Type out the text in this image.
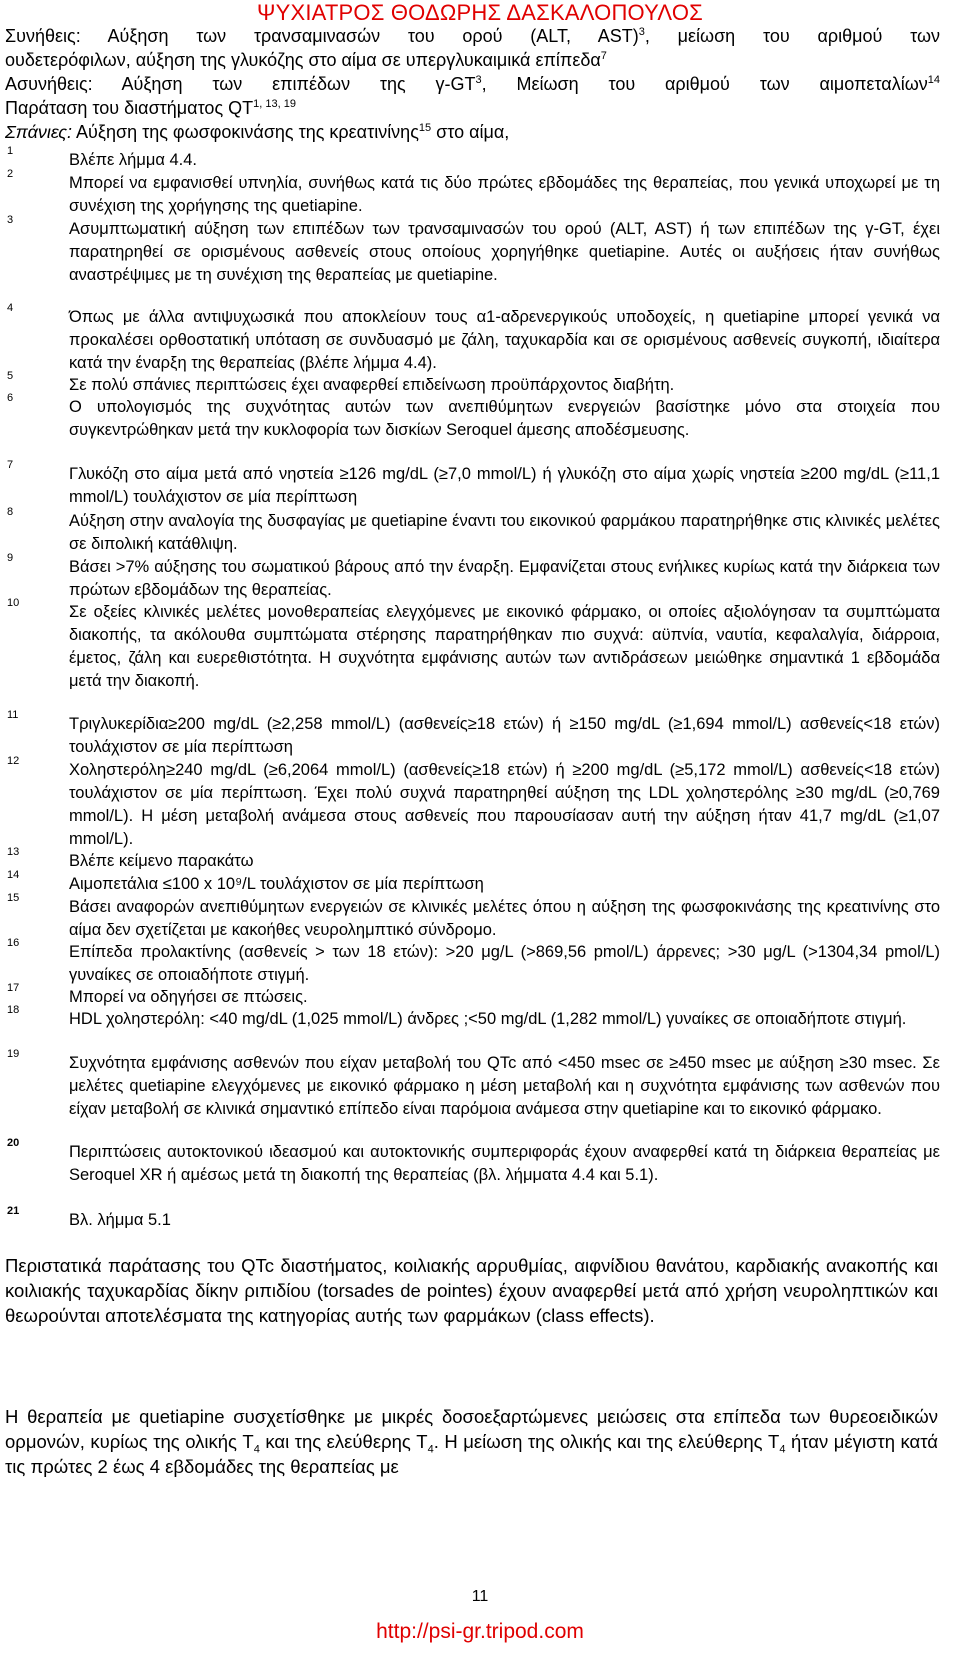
ΨΥΧΙΑΤΡΟΣ ΘΟΔΩΡΗΣ ΔΑΣΚΑΛΟΠΟΥΛΟΣ
Συνήθεις: Αύξηση των τρανσαμινασών του ορού (ALT, AST)$^3$, μείωση του αριθμού των
ουδετερόφιλων, αύξηση της γλυκόζης στο αίμα σε υπεργλυκαιμικά επίπεδα$^7$
Ασυνήθεις: Αύξηση των επιπέδων της $\gamma-GT^3$, Μείωση του αριθμού των αιμοπεταλίων$^{14}$
Παράταση του διαστήματος QT$^{1, 13, 19}$
Σπάνιες: Αύξηση της φωσφοκινάσης της κρεατινίνης$^{15}$ στο αίμα,
1	Βλέπε λήμμα 4.4.
2	Μπορεί να εμφανισθεί υπνηλία, συνήθως κατά τις δύο πρώτες εβδομάδες της θεραπείας, που γενικά υποχωρεί με τη συνέχιση της χορήγησης της quetiapine.
3	Ασυμπτωματική αύξηση των επιπέδων των τρανσαμινασών του ορού (ALT, AST) ή των επιπέδων της γ-GT, έχει παρατηρηθεί σε ορισμένους ασθενείς στους οποίους χορηγήθηκε quetiapine. Αυτές οι αυξήσεις ήταν συνήθως αναστρέψιμες με τη συνέχιση της θεραπείας με quetiapine.
4	Όπως με άλλα αντιψυχωσικά που αποκλείουν τους α1-αδρενεργικούς υποδοχείς, η quetiapine μπορεί γενικά να προκαλέσει ορθοστατική υπόταση σε συνδυασμό με ζάλη, ταχυκαρδία και σε ορισμένους ασθενείς συγκοπή, ιδιαίτερα κατά την έναρξη της θεραπείας (βλέπε λήμμα 4.4).
5	Σε πολύ σπάνιες περιπτώσεις έχει αναφερθεί επιδείνωση προϋπάρχοντος διαβήτη.
6	Ο υπολογισμός της συχνότητας αυτών των ανεπιθύμητων ενεργειών βασίστηκε μόνο στα στοιχεία που συγκεντρώθηκαν μετά την κυκλοφορία των δισκίων Seroquel άμεσης αποδέσμευσης.
7	Γλυκόζη στο αίμα μετά από νηστεία ≥126 mg/dL (≥7,0 mmol/L) ή γλυκόζη στο αίμα χωρίς νηστεία ≥200 mg/dL (≥11,1 mmol/L) τουλάχιστον σε μία περίπτωση
8	Αύξηση στην αναλογία της δυσφαγίας με quetiapine έναντι του εικονικού φαρμάκου παρατηρήθηκε στις κλινικές μελέτες σε διπολική κατάθλιψη.
9	Βάσει >7% αύξησης του σωματικού βάρους από την έναρξη. Εμφανίζεται στους ενήλικες κυρίως κατά την διάρκεια των πρώτων εβδομάδων της θεραπείας.
10	Σε οξείες κλινικές μελέτες μονοθεραπείας ελεγχόμενες με εικονικό φάρμακο, οι οποίες αξιολόγησαν τα συμπτώματα διακοπής, τα ακόλουθα συμπτώματα στέρησης παρατηρήθηκαν πιο συχνά: αϋπνία, ναυτία, κεφαλαλγία, διάρροια, έμετος, ζάλη και ευερεθιστότητα. Η συχνότητα εμφάνισης αυτών των αντιδράσεων μειώθηκε σημαντικά 1 εβδομάδα μετά την διακοπή.
11	Τριγλυκερίδια≥200 mg/dL (≥2,258 mmol/L) (ασθενείς≥18 ετών) ή ≥150 mg/dL (≥1,694 mmol/L) ασθενείς<18 ετών) τουλάχιστον σε μία περίπτωση
12	Χοληστερόλη≥240 mg/dL (≥6,2064 mmol/L) (ασθενείς≥18 ετών) ή ≥200 mg/dL (≥5,172 mmol/L) ασθενείς<18 ετών) τουλάχιστον σε μία περίπτωση. Έχει πολύ συχνά παρατηρηθεί αύξηση της LDL χοληστερόλης ≥30 mg/dL (≥0,769 mmol/L). Η μέση μεταβολή ανάμεσα στους ασθενείς που παρουσίασαν αυτή την αύξηση ήταν 41,7 mg/dL (≥1,07 mmol/L).
13	Βλέπε κείμενο παρακάτω
14	Αιμοπετάλια ≤100 x 10⁹/L τουλάχιστον σε μία περίπτωση
15	Βάσει αναφορών ανεπιθύμητων ενεργειών σε κλινικές μελέτες όπου η αύξηση της φωσφοκινάσης της κρεατινίνης στο αίμα δεν σχετίζεται με κακοήθες νευρολημπτικό σύνδρομο.
16	Επίπεδα προλακτίνης (ασθενείς > των 18 ετών): >20 μg/L (>869,56 pmol/L) άρρενες; >30 μg/L (>1304,34 pmol/L) γυναίκες σε οποιαδήποτε στιγμή.
17	Μπορεί να οδηγήσει σε πτώσεις.
18	HDL χοληστερόλη: <40 mg/dL (1,025 mmol/L) άνδρες ;<50 mg/dL (1,282 mmol/L) γυναίκες σε οποιαδήποτε στιγμή.
19	Συχνότητα εμφάνισης ασθενών που είχαν μεταβολή του QTc από <450 msec σε ≥450 msec με αύξηση ≥30 msec. Σε μελέτες quetiapine ελεγχόμενες με εικονικό φάρμακο η μέση μεταβολή και η συχνότητα εμφάνισης των ασθενών που είχαν μεταβολή σε κλινικά σημαντικό επίπεδο είναι παρόμοια ανάμεσα στην quetiapine και το εικονικό φάρμακο.
20	Περιπτώσεις αυτοκτονικού ιδεασμού και αυτοκτονικής συμπεριφοράς έχουν αναφερθεί κατά τη διάρκεια θεραπείας με Seroquel XR ή αμέσως μετά τη διακοπή της θεραπείας (βλ. λήμματα 4.4 και 5.1).
21	Βλ. λήμμα 5.1

Περιστατικά παράτασης του QTc διαστήματος, κοιλιακής αρρυθμίας, αιφνίδιου θανάτου, καρδιακής ανακοπής και κοιλιακής ταχυκαρδίας δίκην ριπιδίου (torsades de pointes) έχουν αναφερθεί μετά από χρήση νευροληπτικών και θεωρούνται αποτελέσματα της κατηγορίας αυτής των φαρμάκων (class effects).

Η θεραπεία με quetiapine συσχετίσθηκε με μικρές δοσοεξαρτώμενες μειώσεις στα επίπεδα των θυρεοειδικών ορμονών, κυρίως της ολικής $T_4$ και της ελεύθερης $T_4$. Η μείωση της ολικής και της ελεύθερης $T_4$ ήταν μέγιστη κατά τις πρώτες 2 έως 4 εβδομάδες της θεραπείας με

11
http://psi-gr.tripod.com
